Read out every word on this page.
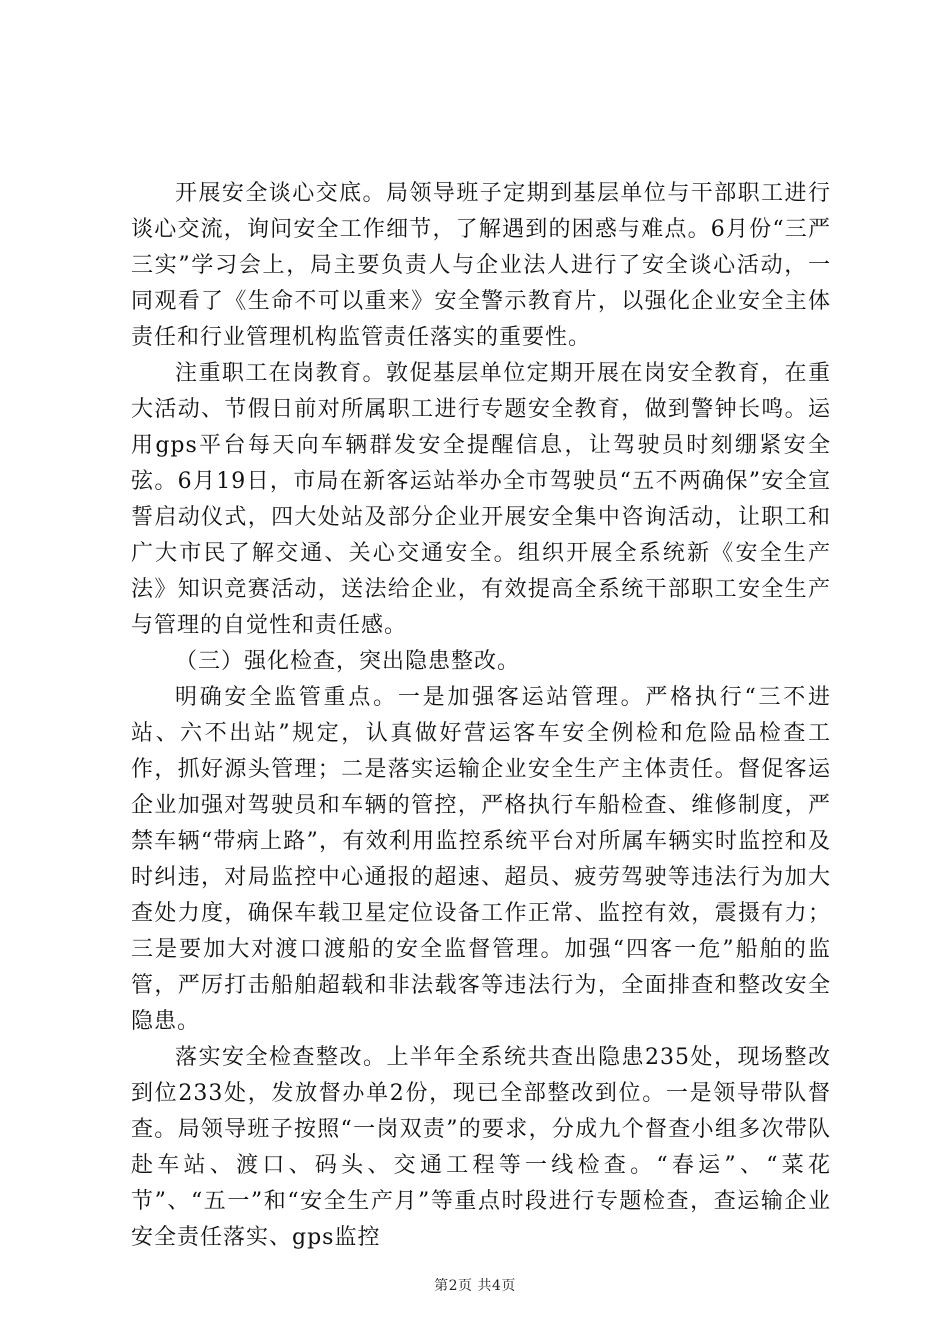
开展安全谈心交底。局领导班子定期到基层单位与干部职工进行谈心交流，询问安全工作细节，了解遇到的困惑与难点。6月份“三严三实”学习会上，局主要负责人与企业法人进行了安全谈心活动，一同观看了《生命不可以重来》安全警示教育片，以强化企业安全主体责任和行业管理机构监管责任落实的重要性。

注重职工在岗教育。敦促基层单位定期开展在岗安全教育，在重大活动、节假日前对所属职工进行专题安全教育，做到警钟长鸣。运用gps平台每天向车辆群发安全提醒信息，让驾驶员时刻绷紧安全弦。6月19日，市局在新客运站举办全市驾驶员“五不两确保”安全宣誓启动仪式，四大处站及部分企业开展安全集中咨询活动，让职工和广大市民了解交通、关心交通安全。组织开展全系统新《安全生产法》知识竞赛活动，送法给企业，有效提高全系统干部职工安全生产与管理的自觉性和责任感。

（三）强化检查，突出隐患整改。

明确安全监管重点。一是加强客运站管理。严格执行“三不进站、六不出站”规定，认真做好营运客车安全例检和危险品检查工作，抓好源头管理；二是落实运输企业安全生产主体责任。督促客运企业加强对驾驶员和车辆的管控，严格执行车船检查、维修制度，严禁车辆“带病上路”，有效利用监控系统平台对所属车辆实时监控和及时纠违，对局监控中心通报的超速、超员、疲劳驾驶等违法行为加大查处力度，确保车载卫星定位设备工作正常、监控有效，震摄有力；三是要加大对渡口渡船的安全监督管理。加强“四客一危”船舶的监管，严厉打击船舶超载和非法载客等违法行为，全面排查和整改安全隐患。

落实安全检查整改。上半年全系统共查出隐患235处，现场整改到位233处，发放督办单2份，现已全部整改到位。一是领导带队督查。局领导班子按照“一岗双责”的要求，分成九个督查小组多次带队赴车站、渡口、码头、交通工程等一线检查。“春运”、“菜花节”、“五一”和“安全生产月”等重点时段进行专题检查，查运输企业安全责任落实、gps监控

第2页 共4页
